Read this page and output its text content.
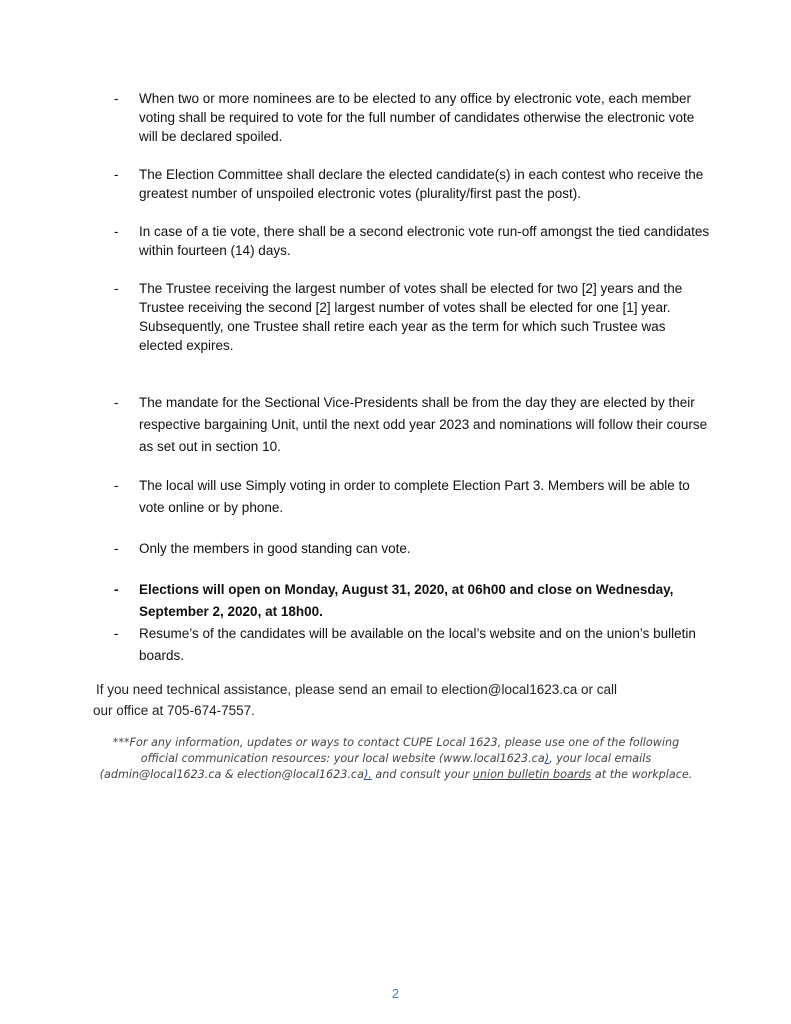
- When two or more nominees are to be elected to any office by electronic vote, each member voting shall be required to vote for the full number of candidates otherwise the electronic vote will be declared spoiled.
- The Election Committee shall declare the elected candidate(s) in each contest who receive the greatest number of unspoiled electronic votes (plurality/first past the post).
- In case of a tie vote, there shall be a second electronic vote run-off amongst the tied candidates within fourteen (14) days.
- The Trustee receiving the largest number of votes shall be elected for two [2] years and the Trustee receiving the second [2] largest number of votes shall be elected for one [1] year. Subsequently, one Trustee shall retire each year as the term for which such Trustee was elected expires.
- The mandate for the Sectional Vice-Presidents shall be from the day they are elected by their respective bargaining Unit, until the next odd year 2023 and nominations will follow their course as set out in section 10.
- The local will use Simply voting in order to complete Election Part 3. Members will be able to vote online or by phone.
- Only the members in good standing can vote.
- Elections will open on Monday, August 31, 2020, at 06h00 and close on Wednesday, September 2, 2020, at 18h00.
- Resume’s of the candidates will be available on the local’s website and on the union’s bulletin boards.
If you need technical assistance, please send an email to election@local1623.ca or call
our office at 705-674-7557.
***For any information, updates or ways to contact CUPE Local 1623, please use one of the following official communication resources: your local website (www.local1623.ca), your local emails (admin@local1623.ca & election@local1623.ca). and consult your union bulletin boards at the workplace.
2
